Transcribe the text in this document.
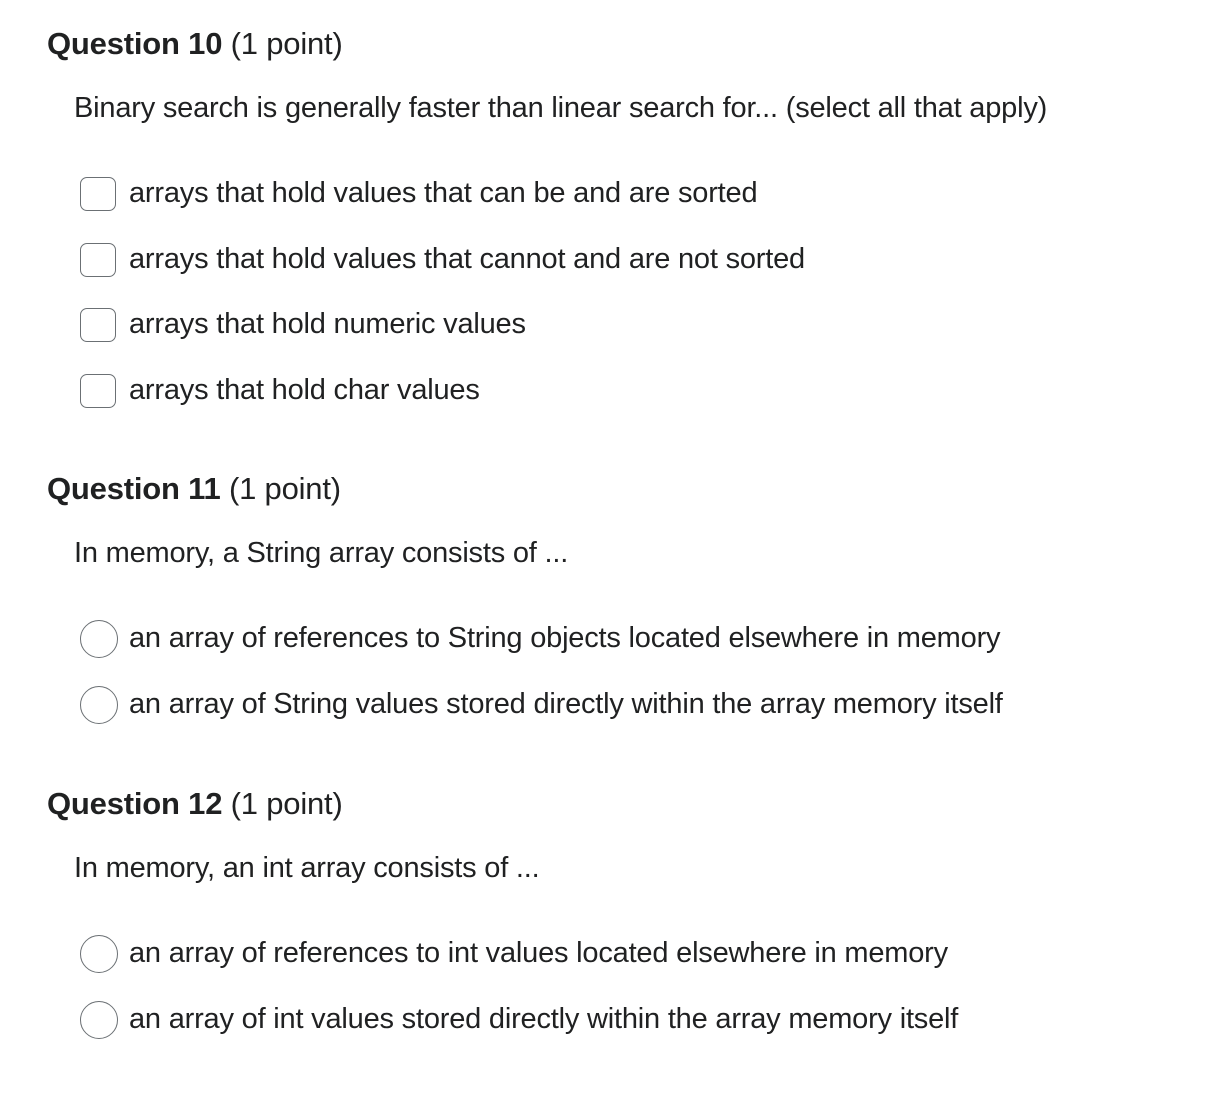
Question 10 (1 point)
Binary search is generally faster than linear search for... (select all that apply)
arrays that hold values that can be and are sorted
arrays that hold values that cannot and are not sorted
arrays that hold numeric values
arrays that hold char values
Question 11 (1 point)
In memory, a String array consists of ...
an array of references to String objects located elsewhere in memory
an array of String values stored directly within the array memory itself
Question 12 (1 point)
In memory, an int array consists of ...
an array of references to int values located elsewhere in memory
an array of int values stored directly within the array memory itself
